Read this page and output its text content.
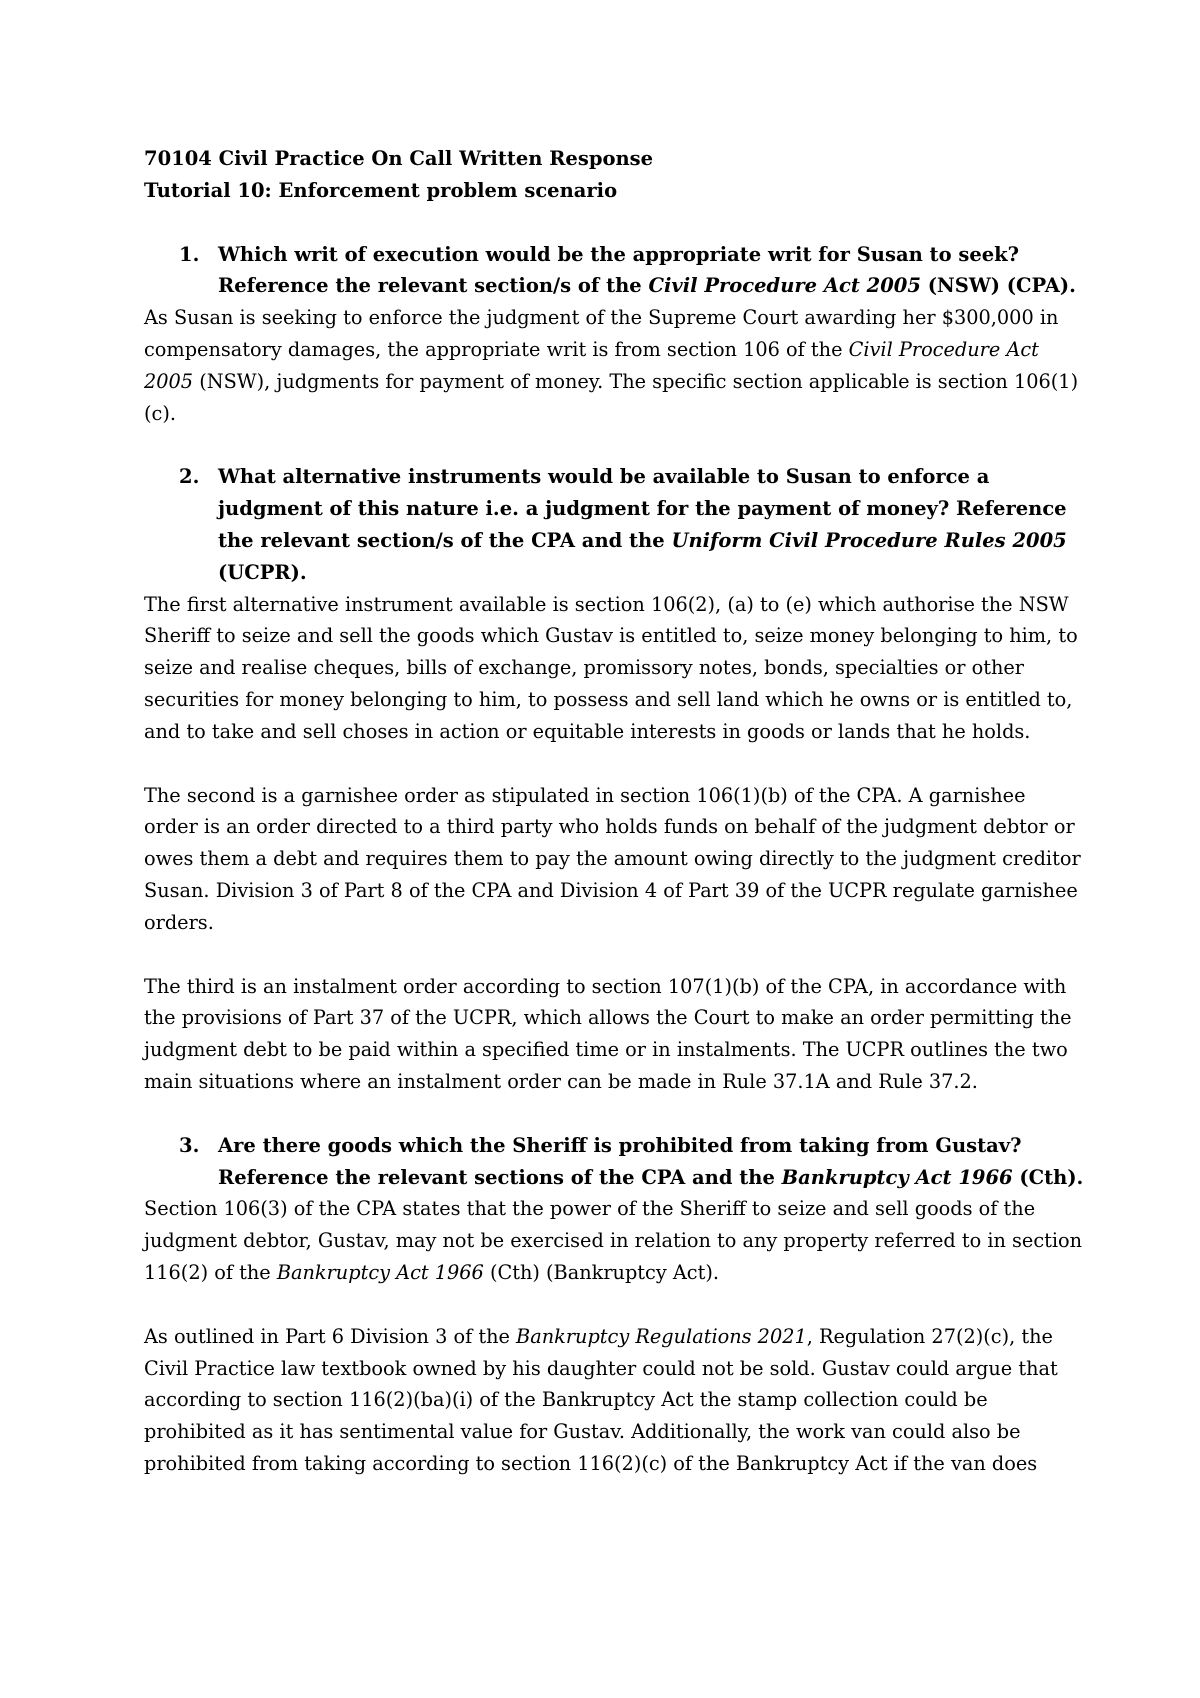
70104 Civil Practice On Call Written Response

Tutorial 10: Enforcement problem scenario

1. Which writ of execution would be the appropriate writ for Susan to seek? Reference the relevant section/s of the Civil Procedure Act 2005 (NSW) (CPA).

As Susan is seeking to enforce the judgment of the Supreme Court awarding her $300,000 in compensatory damages, the appropriate writ is from section 106 of the Civil Procedure Act 2005 (NSW), judgments for payment of money. The specific section applicable is section 106(1)(c).

2. What alternative instruments would be available to Susan to enforce a judgment of this nature i.e. a judgment for the payment of money? Reference the relevant section/s of the CPA and the Uniform Civil Procedure Rules 2005 (UCPR).

The first alternative instrument available is section 106(2), (a) to (e) which authorise the NSW Sheriff to seize and sell the goods which Gustav is entitled to, seize money belonging to him, to seize and realise cheques, bills of exchange, promissory notes, bonds, specialties or other securities for money belonging to him, to possess and sell land which he owns or is entitled to, and to take and sell choses in action or equitable interests in goods or lands that he holds.

The second is a garnishee order as stipulated in section 106(1)(b) of the CPA. A garnishee order is an order directed to a third party who holds funds on behalf of the judgment debtor or owes them a debt and requires them to pay the amount owing directly to the judgment creditor Susan. Division 3 of Part 8 of the CPA and Division 4 of Part 39 of the UCPR regulate garnishee orders.

The third is an instalment order according to section 107(1)(b) of the CPA, in accordance with the provisions of Part 37 of the UCPR, which allows the Court to make an order permitting the judgment debt to be paid within a specified time or in instalments. The UCPR outlines the two main situations where an instalment order can be made in Rule 37.1A and Rule 37.2.

3. Are there goods which the Sheriff is prohibited from taking from Gustav? Reference the relevant sections of the CPA and the Bankruptcy Act 1966 (Cth).

Section 106(3) of the CPA states that the power of the Sheriff to seize and sell goods of the judgment debtor, Gustav, may not be exercised in relation to any property referred to in section 116(2) of the Bankruptcy Act 1966 (Cth) (Bankruptcy Act).

As outlined in Part 6 Division 3 of the Bankruptcy Regulations 2021, Regulation 27(2)(c), the Civil Practice law textbook owned by his daughter could not be sold. Gustav could argue that according to section 116(2)(ba)(i) of the Bankruptcy Act the stamp collection could be prohibited as it has sentimental value for Gustav. Additionally, the work van could also be prohibited from taking according to section 116(2)(c) of the Bankruptcy Act if the van does
